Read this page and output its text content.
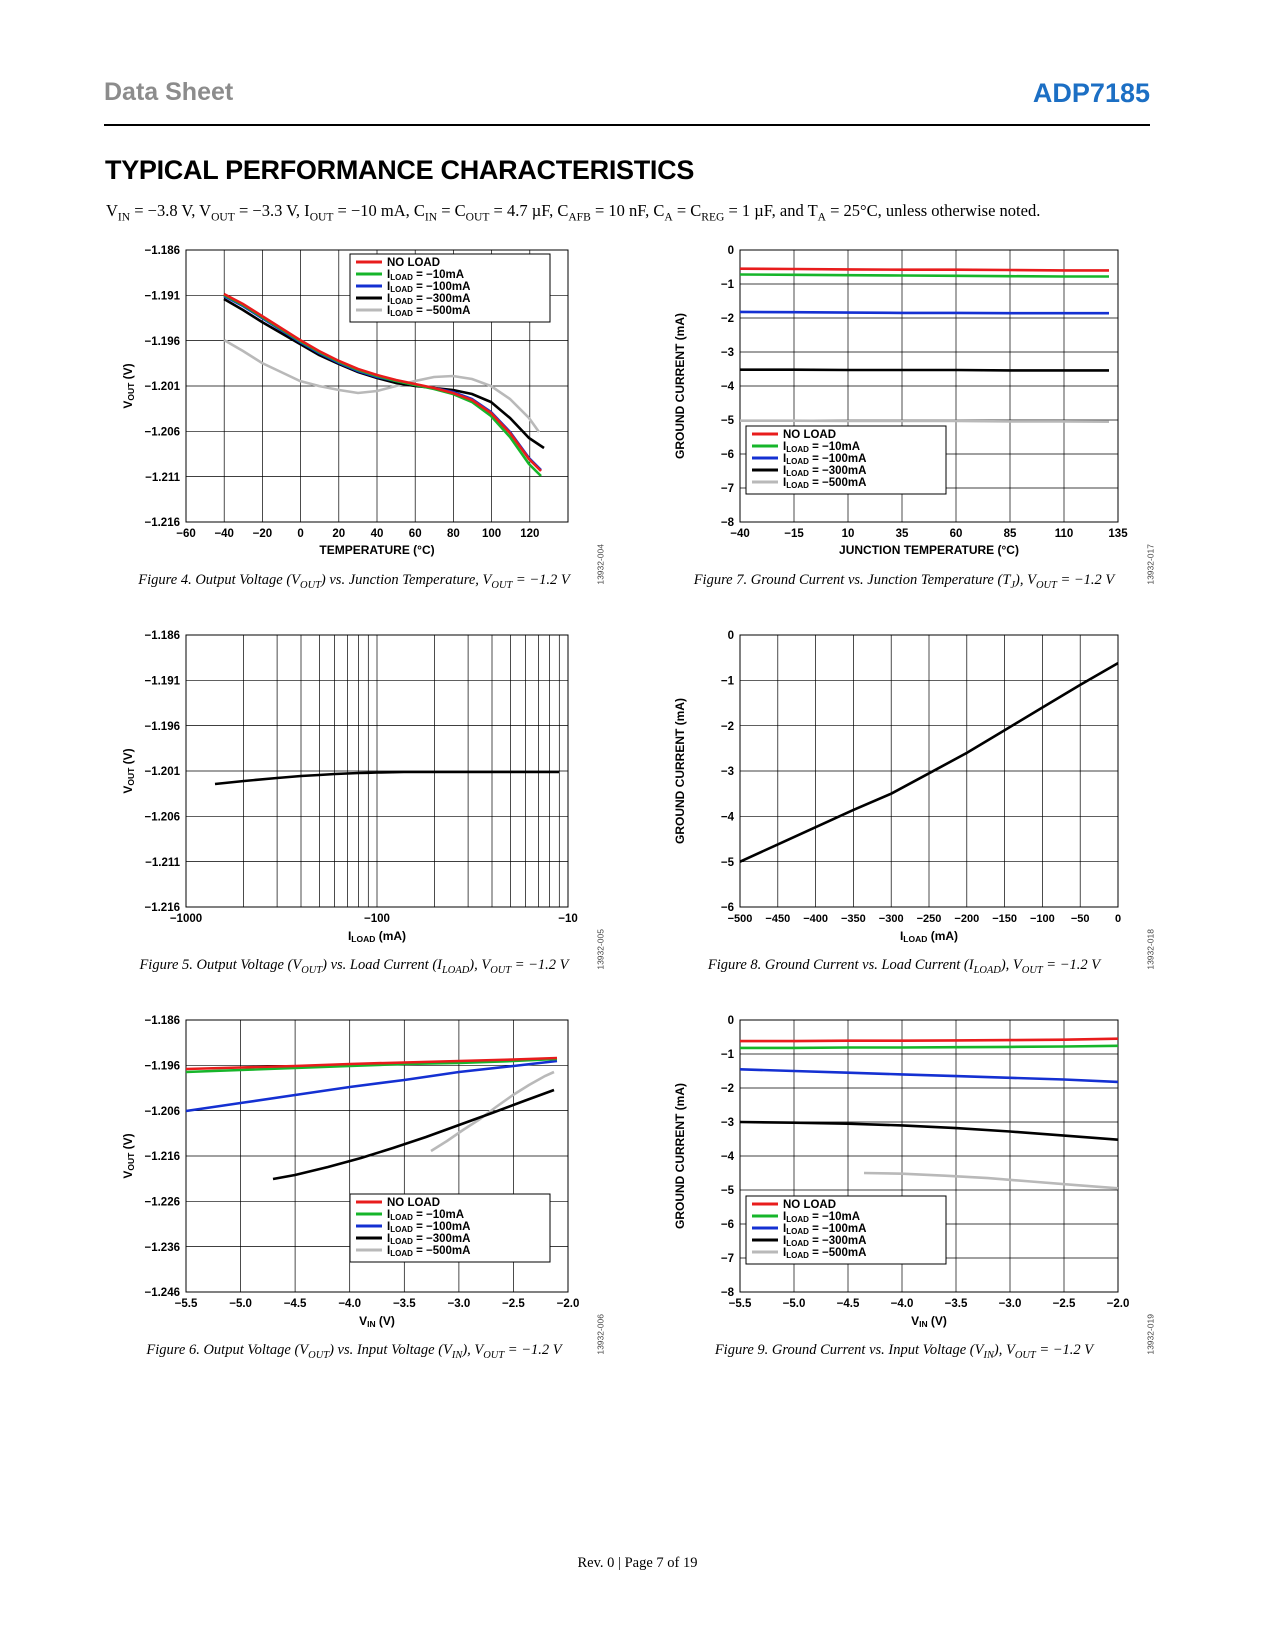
Data Sheet	ADP7185
TYPICAL PERFORMANCE CHARACTERISTICS
$V_{IN} = -3.8$ V, $V_{OUT} = -3.3$ V, $I_{OUT} = -10$ mA, $C_{IN} = C_{OUT} = 4.7$ µF, $C_{AFB} = 10$ nF, $C_A = C_{REG} = 1$ µF, and $T_A = 25^\circ C$, unless otherwise noted.
NO LOAD
ILOAD = −10mA
ILOAD = −100mA
ILOAD = −300mA
ILOAD = −500mA
−1.186
−1.191
−1.196
−1.201
−1.206
−1.211
−1.216
−60 −40 −20 0 20 40 60 80 100 120
TEMPERATURE (°C)
VOUT (V)
13932-004
Figure 4. Output Voltage $(V_{OUT})$ vs. Junction Temperature, $V_{OUT} = -1.2$ V
NO LOAD
ILOAD = −10mA
ILOAD = −100mA
ILOAD = −300mA
ILOAD = −500mA
0
−1
−2
−3
−4
−5
−6
−7
−8
−40	−15	10	35	60	85	110	135
JUNCTION TEMPERATURE (°C)
GROUND CURRENT (mA)
13932-017
Figure 7. Ground Current vs. Junction Temperature $(T_J)$, $V_{OUT} = -1.2$ V
−1.186
−1.191
−1.196
−1.201
−1.206
−1.211
−1.216
−1000	−100	−10
ILOAD (mA)
VOUT (V)
13932-005
Figure 5. Output Voltage $(V_{OUT})$ vs. Load Current $(I_{LOAD})$, $V_{OUT} = -1.2$ V
0
−1
−2
−3
−4
−5
−6
−500 −450 −400 −350 −300 −250 −200 −150 −100 −50 0
ILOAD (mA)
GROUND CURRENT (mA)
13932-018
Figure 8. Ground Current vs. Load Current $(I_{LOAD})$, $V_{OUT} = -1.2$ V
NO LOAD
ILOAD = −10mA
ILOAD = −100mA
ILOAD = −300mA
ILOAD = −500mA
−1.186
−1.196
−1.206
−1.216
−1.226
−1.236
−1.246
−5.5	−5.0	−4.5	−4.0	−3.5	−3.0	−2.5	−2.0
VIN (V)
VOUT (V)
13932-006
Figure 6. Output Voltage $(V_{OUT})$ vs. Input Voltage $(V_{IN})$, $V_{OUT} = -1.2$ V
NO LOAD
ILOAD = −10mA
ILOAD = −100mA
ILOAD = −300mA
ILOAD = −500mA
0
−1
−2
−3
−4
−5
−6
−7
−8
−5.5	−5.0	−4.5	−4.0	−3.5	−3.0	−2.5	−2.0
VIN (V)
GROUND CURRENT (mA)
13932-019
Figure 9. Ground Current vs. Input Voltage $(V_{IN})$, $V_{OUT} = -1.2$ V
Rev. 0 | Page 7 of 19
